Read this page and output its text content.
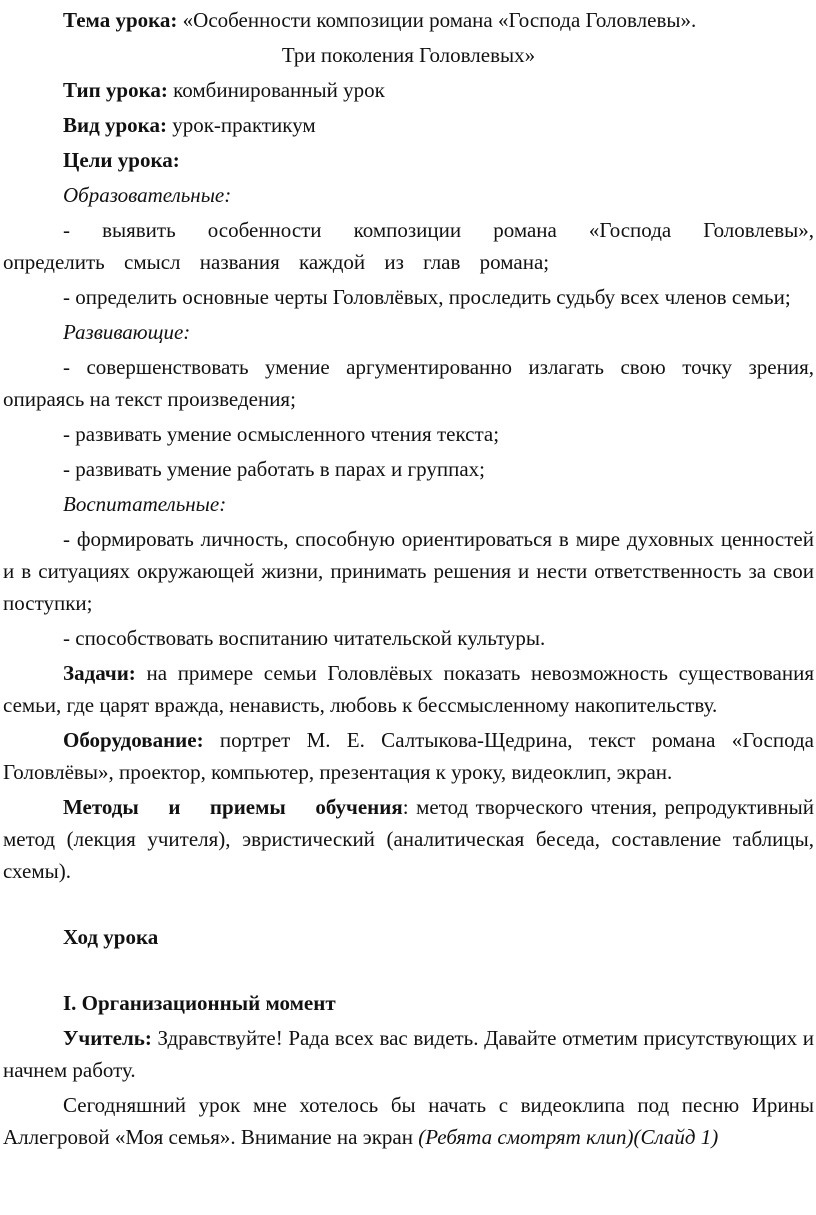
Тема урока: «Особенности композиции романа «Господа Головлевы».

Три поколения Головлевых»

Тип урока: комбинированный урок

Вид урока: урок-практикум

Цели урока:

Образовательные:

- выявить особенности композиции романа «Господа Головлевы», определить смысл названия каждой из глав романа;

- определить основные черты Головлёвых, проследить судьбу всех членов семьи;

Развивающие:

- совершенствовать умение аргументированно излагать свою точку зрения, опираясь на текст произведения;

- развивать умение осмысленного чтения текста;

- развивать умение работать в парах и группах;

Воспитательные:

- формировать личность, способную ориентироваться в мире духовных ценностей и в ситуациях окружающей жизни, принимать решения и нести ответственность за свои поступки;

- способствовать воспитанию читательской культуры.

Задачи: на примере семьи Головлёвых показать невозможность существования семьи, где царят вражда, ненависть, любовь к бессмысленному накопительству.

Оборудование: портрет М. Е. Салтыкова-Щедрина, текст романа «Господа Головлёвы», проектор, компьютер, презентация к уроку, видеоклип, экран.

Методы и приемы обучения: метод творческого чтения, репродуктивный метод (лекция учителя), эвристический (аналитическая беседа, составление таблицы, схемы).

Ход урока

I. Организационный момент

Учитель: Здравствуйте! Рада всех вас видеть. Давайте отметим присутствующих и начнем работу.

Сегодняшний урок мне хотелось бы начать с видеоклипа под песню Ирины Аллегровой «Моя семья». Внимание на экран (Ребята смотрят клип)(Слайд 1)
